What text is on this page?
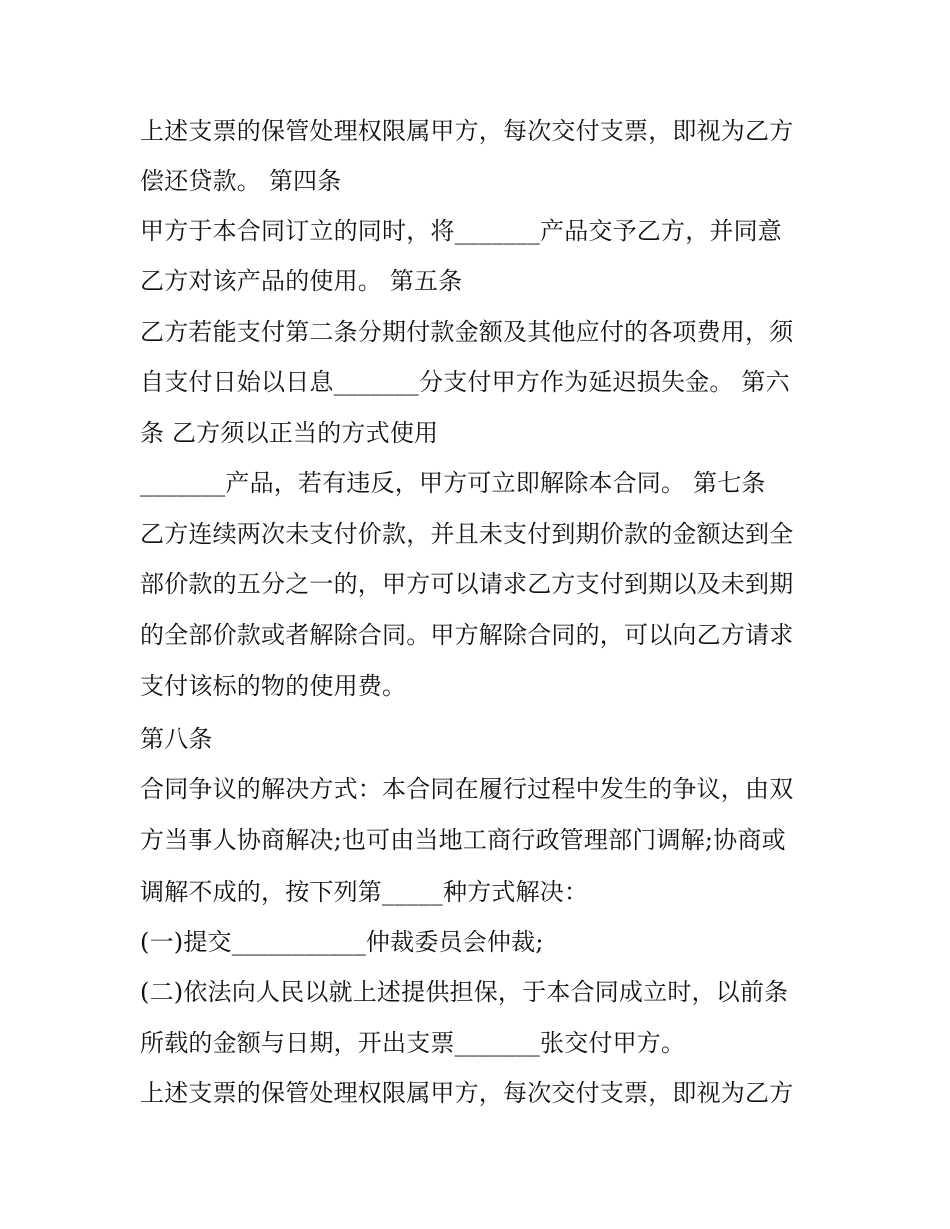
上述支票的保管处理权限属甲方，每次交付支票，即视为乙方
偿还贷款。 第四条
甲方于本合同订立的同时，将_______产品交予乙方，并同意
乙方对该产品的使用。 第五条
乙方若能支付第二条分期付款金额及其他应付的各项费用，须
自支付日始以日息_______分支付甲方作为延迟损失金。 第六
条 乙方须以正当的方式使用
_______产品，若有违反，甲方可立即解除本合同。 第七条
乙方连续两次未支付价款，并且未支付到期价款的金额达到全
部价款的五分之一的，甲方可以请求乙方支付到期以及未到期
的全部价款或者解除合同。甲方解除合同的，可以向乙方请求
支付该标的物的使用费。
第八条
合同争议的解决方式：本合同在履行过程中发生的争议，由双
方当事人协商解决;也可由当地工商行政管理部门调解;协商或
调解不成的，按下列第_____种方式解决：
(一)提交___________仲裁委员会仲裁;
(二)依法向人民以就上述提供担保，于本合同成立时，以前条
所载的金额与日期，开出支票_______张交付甲方。
上述支票的保管处理权限属甲方，每次交付支票，即视为乙方
